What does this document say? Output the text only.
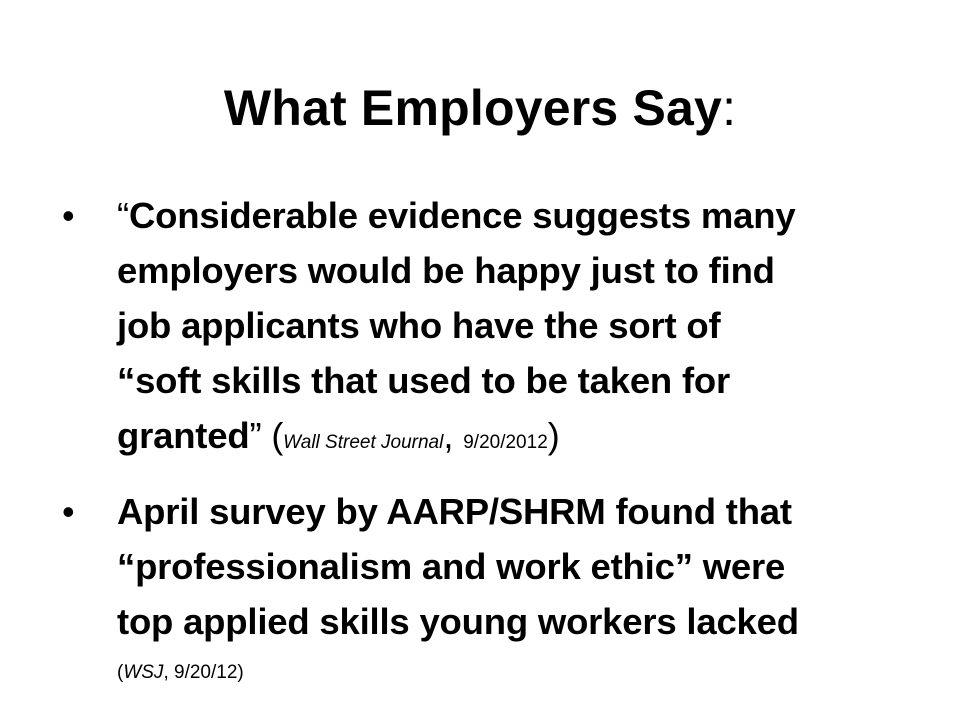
What Employers Say:
• “Considerable evidence suggests many
employers would be happy just to find
job applicants who have the sort of
“soft skills that used to be taken for
granted” (Wall Street Journal, 9/20/2012)
• April survey by AARP/SHRM found that
“professionalism and work ethic” were
top applied skills young workers lacked
(WSJ, 9/20/12)
